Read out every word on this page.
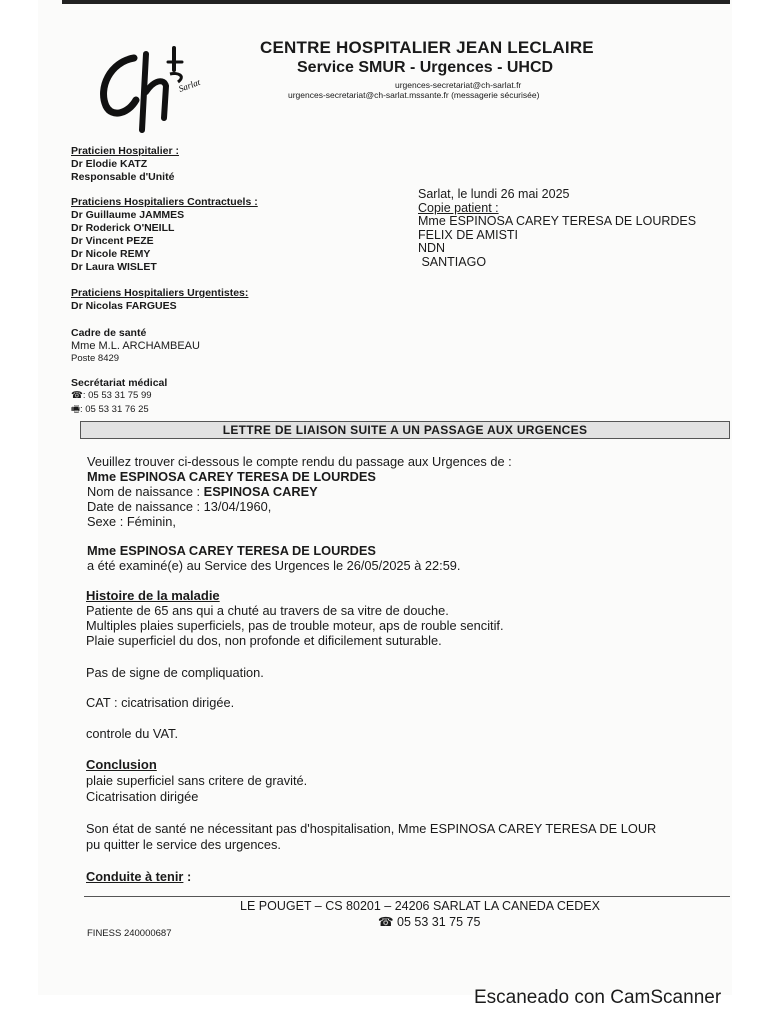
Sarlat
CENTRE HOSPITALIER JEAN LECLAIRE
Service SMUR - Urgences - UHCD
urgences-secretariat@ch-sarlat.fr
urgences-secretariat@ch-sarlat.mssante.fr (messagerie sécurisée)
Praticien Hospitalier :
Dr Elodie KATZ
Responsable d'Unité
Praticiens Hospitaliers Contractuels :
Dr Guillaume JAMMES
Dr Roderick O'NEILL
Dr Vincent PEZE
Dr Nicole REMY
Dr Laura WISLET
Praticiens Hospitaliers Urgentistes:
Dr Nicolas FARGUES
Cadre de santé
Mme M.L. ARCHAMBEAU
Poste 8429
Secrétariat médical
☎: 05 53 31 75 99
🖷: 05 53 31 76 25
Sarlat, le lundi 26 mai 2025
Copie patient :
Mme ESPINOSA CAREY TERESA DE LOURDES
FELIX DE AMISTI
NDN
SANTIAGO
LETTRE DE LIAISON SUITE A UN PASSAGE AUX URGENCES
Veuillez trouver ci-dessous le compte rendu du passage aux Urgences de :
Mme ESPINOSA CAREY TERESA DE LOURDES
Nom de naissance : ESPINOSA CAREY
Date de naissance : 13/04/1960,
Sexe : Féminin,
Mme ESPINOSA CAREY TERESA DE LOURDES
a été examiné(e) au Service des Urgences le 26/05/2025 à 22:59.
Histoire de la maladie
Patiente de 65 ans qui a chuté au travers de sa vitre de douche.
Multiples plaies superficiels, pas de trouble moteur, aps de rouble sencitif.
Plaie superficiel du dos, non profonde et dificilement suturable.
Pas de signe de compliquation.
CAT : cicatrisation dirigée.
controle du VAT.
Conclusion
plaie superficiel sans critere de gravité.
Cicatrisation dirigée
Son état de santé ne nécessitant pas d'hospitalisation, Mme ESPINOSA CAREY TERESA DE LOUR
pu quitter le service des urgences.
Conduite à tenir :
LE POUGET – CS 80201 – 24206 SARLAT LA CANEDA CEDEX
☎ 05 53 31 75 75
FINESS 240000687
Escaneado con CamScanner
